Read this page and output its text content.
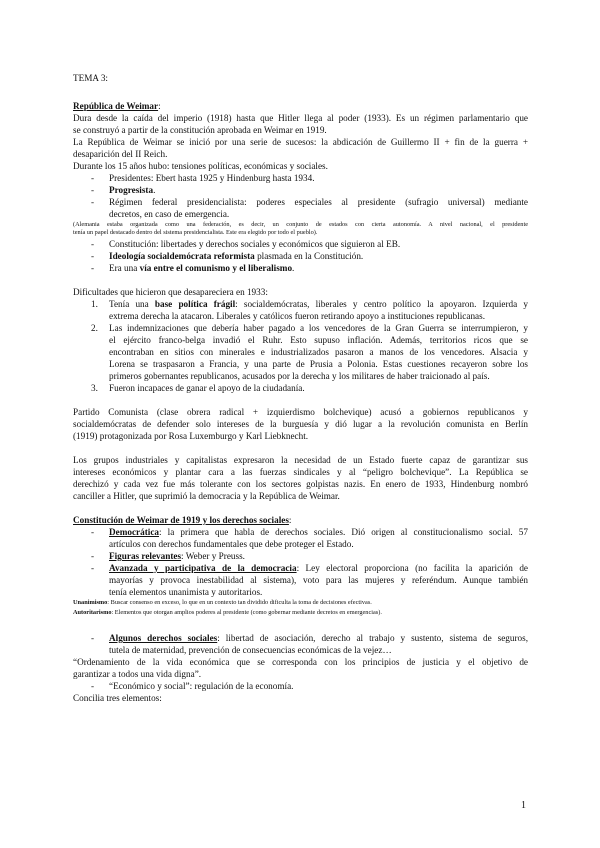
TEMA 3:
República de Weimar:
Dura desde la caída del imperio (1918) hasta que Hitler llega al poder (1933). Es un régimen parlamentario que
se construyó a partir de la constitución aprobada en Weimar en 1919.
La República de Weimar se inició por una serie de sucesos: la abdicación de Guillermo II + fin de la guerra +
desaparición del II Reich.
Durante los 15 años hubo: tensiones políticas, económicas y sociales.
- Presidentes: Ebert hasta 1925 y Hindenburg hasta 1934.
- Progresista.
- Régimen federal presidencialista: poderes especiales al presidente (sufragio universal) mediante
decretos, en caso de emergencia.
(Alemania estaba organizada como una federación, es decir, un conjunto de estados con cierta autonomía. A nivel nacional, el presidente
tenía un papel destacado dentro del sistema presidencialista. Este era elegido por todo el pueblo).
- Constitución: libertades y derechos sociales y económicos que siguieron al EB.
- Ideología socialdemócrata reformista plasmada en la Constitución.
- Era una vía entre el comunismo y el liberalismo.
Dificultades que hicieron que desapareciera en 1933:
1. Tenía una base política frágil: socialdemócratas, liberales y centro político la apoyaron. Izquierda y
extrema derecha la atacaron. Liberales y católicos fueron retirando apoyo a instituciones republicanas.
2. Las indemnizaciones que debería haber pagado a los vencedores de la Gran Guerra se interrumpieron, y
el ejército franco-belga invadió el Ruhr. Esto supuso inflación. Además, territorios ricos que se
encontraban en sitios con minerales e industrializados pasaron a manos de los vencedores. Alsacia y
Lorena se traspasaron a Francia, y una parte de Prusia a Polonia. Estas cuestiones recayeron sobre los
primeros gobernantes republicanos, acusados por la derecha y los militares de haber traicionado al país.
3. Fueron incapaces de ganar el apoyo de la ciudadanía.
Partido Comunista (clase obrera radical + izquierdismo bolchevique) acusó a gobiernos republicanos y
socialdemócratas de defender solo intereses de la burguesía y dió lugar a la revolución comunista en Berlín
(1919) protagonizada por Rosa Luxemburgo y Karl Liebknecht.
Los grupos industriales y capitalistas expresaron la necesidad de un Estado fuerte capaz de garantizar sus
intereses económicos y plantar cara a las fuerzas sindicales y al “peligro bolchevique”. La República se
derechizó y cada vez fue más tolerante con los sectores golpistas nazis. En enero de 1933, Hindenburg nombró
canciller a Hitler, que suprimió la democracia y la República de Weimar.
Constitución de Weimar de 1919 y los derechos sociales:
- Democrática: la primera que habla de derechos sociales. Dió origen al constitucionalismo social. 57
artículos con derechos fundamentales que debe proteger el Estado.
- Figuras relevantes: Weber y Preuss.
- Avanzada y participativa de la democracia: Ley electoral proporciona (no facilita la aparición de
mayorías y provoca inestabilidad al sistema), voto para las mujeres y referéndum. Aunque también
tenía elementos unanimista y autoritarios.
Unanimismo: Buscar consenso en exceso, lo que en un contexto tan dividido dificulta la toma de decisiones efectivas.
Autoritarismo: Elementos que otorgan amplios poderes al presidente (como gobernar mediante decretos en emergencias).
- Algunos derechos sociales: libertad de asociación, derecho al trabajo y sustento, sistema de seguros,
tutela de maternidad, prevención de consecuencias económicas de la vejez…
“Ordenamiento de la vida económica que se corresponda con los principios de justicia y el objetivo de
garantizar a todos una vida digna”.
- “Económico y social”: regulación de la economía.
Concilia tres elementos:
1
